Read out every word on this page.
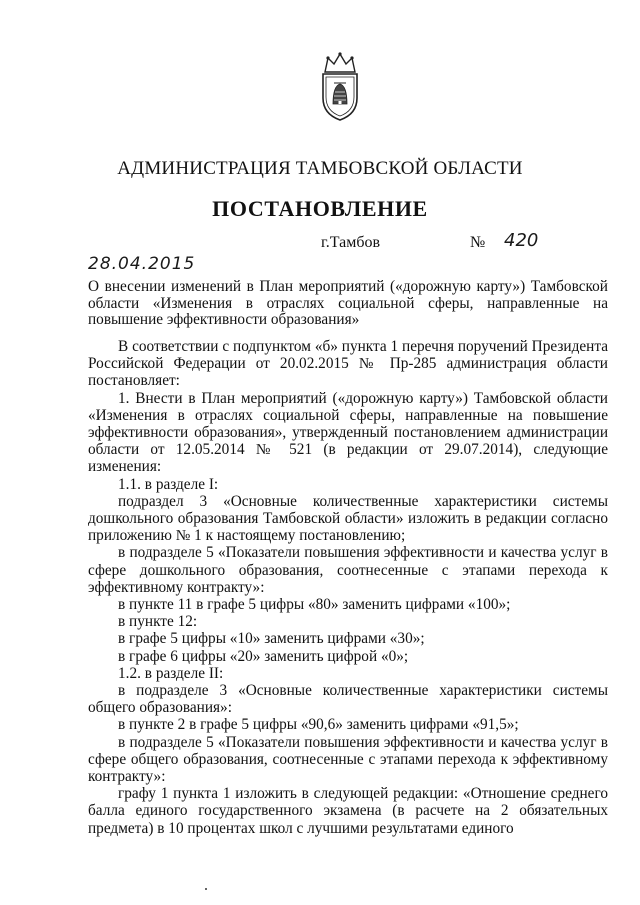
АДМИНИСТРАЦИЯ ТАМБОВСКОЙ ОБЛАСТИ
ПОСТАНОВЛЕНИЕ
г.Тамбов	№ 420
28.04.2015
О внесении изменений в План мероприятий («дорожную карту») Тамбовской области «Изменения в отраслях социальной сферы, направленные на повышение эффективности образования»

В соответствии с подпунктом «б» пункта 1 перечня поручений Президента Российской Федерации от 20.02.2015 № Пр-285 администрация области постановляет:

1. Внести в План мероприятий («дорожную карту») Тамбовской области «Изменения в отраслях социальной сферы, направленные на повышение эффективности образования», утвержденный постановлением администрации области от 12.05.2014 № 521 (в редакции от 29.07.2014), следующие изменения:

1.1. в разделе I:

подраздел 3 «Основные количественные характеристики системы дошкольного образования Тамбовской области» изложить в редакции согласно приложению № 1 к настоящему постановлению;

в подразделе 5 «Показатели повышения эффективности и качества услуг в сфере дошкольного образования, соотнесенные с этапами перехода к эффективному контракту»:

в пункте 11 в графе 5 цифры «80» заменить цифрами «100»;

в пункте 12:

в графе 5 цифры «10» заменить цифрами «30»;

в графе 6 цифры «20» заменить цифрой «0»;

1.2. в разделе II:

в подразделе 3 «Основные количественные характеристики системы общего образования»:

в пункте 2 в графе 5 цифры «90,6» заменить цифрами «91,5»;

в подразделе 5 «Показатели повышения эффективности и качества услуг в сфере общего образования, соотнесенные с этапами перехода к эффективному контракту»:

графу 1 пункта 1 изложить в следующей редакции: «Отношение среднего балла единого государственного экзамена (в расчете на 2 обязательных предмета) в 10 процентах школ с лучшими результатами единого
